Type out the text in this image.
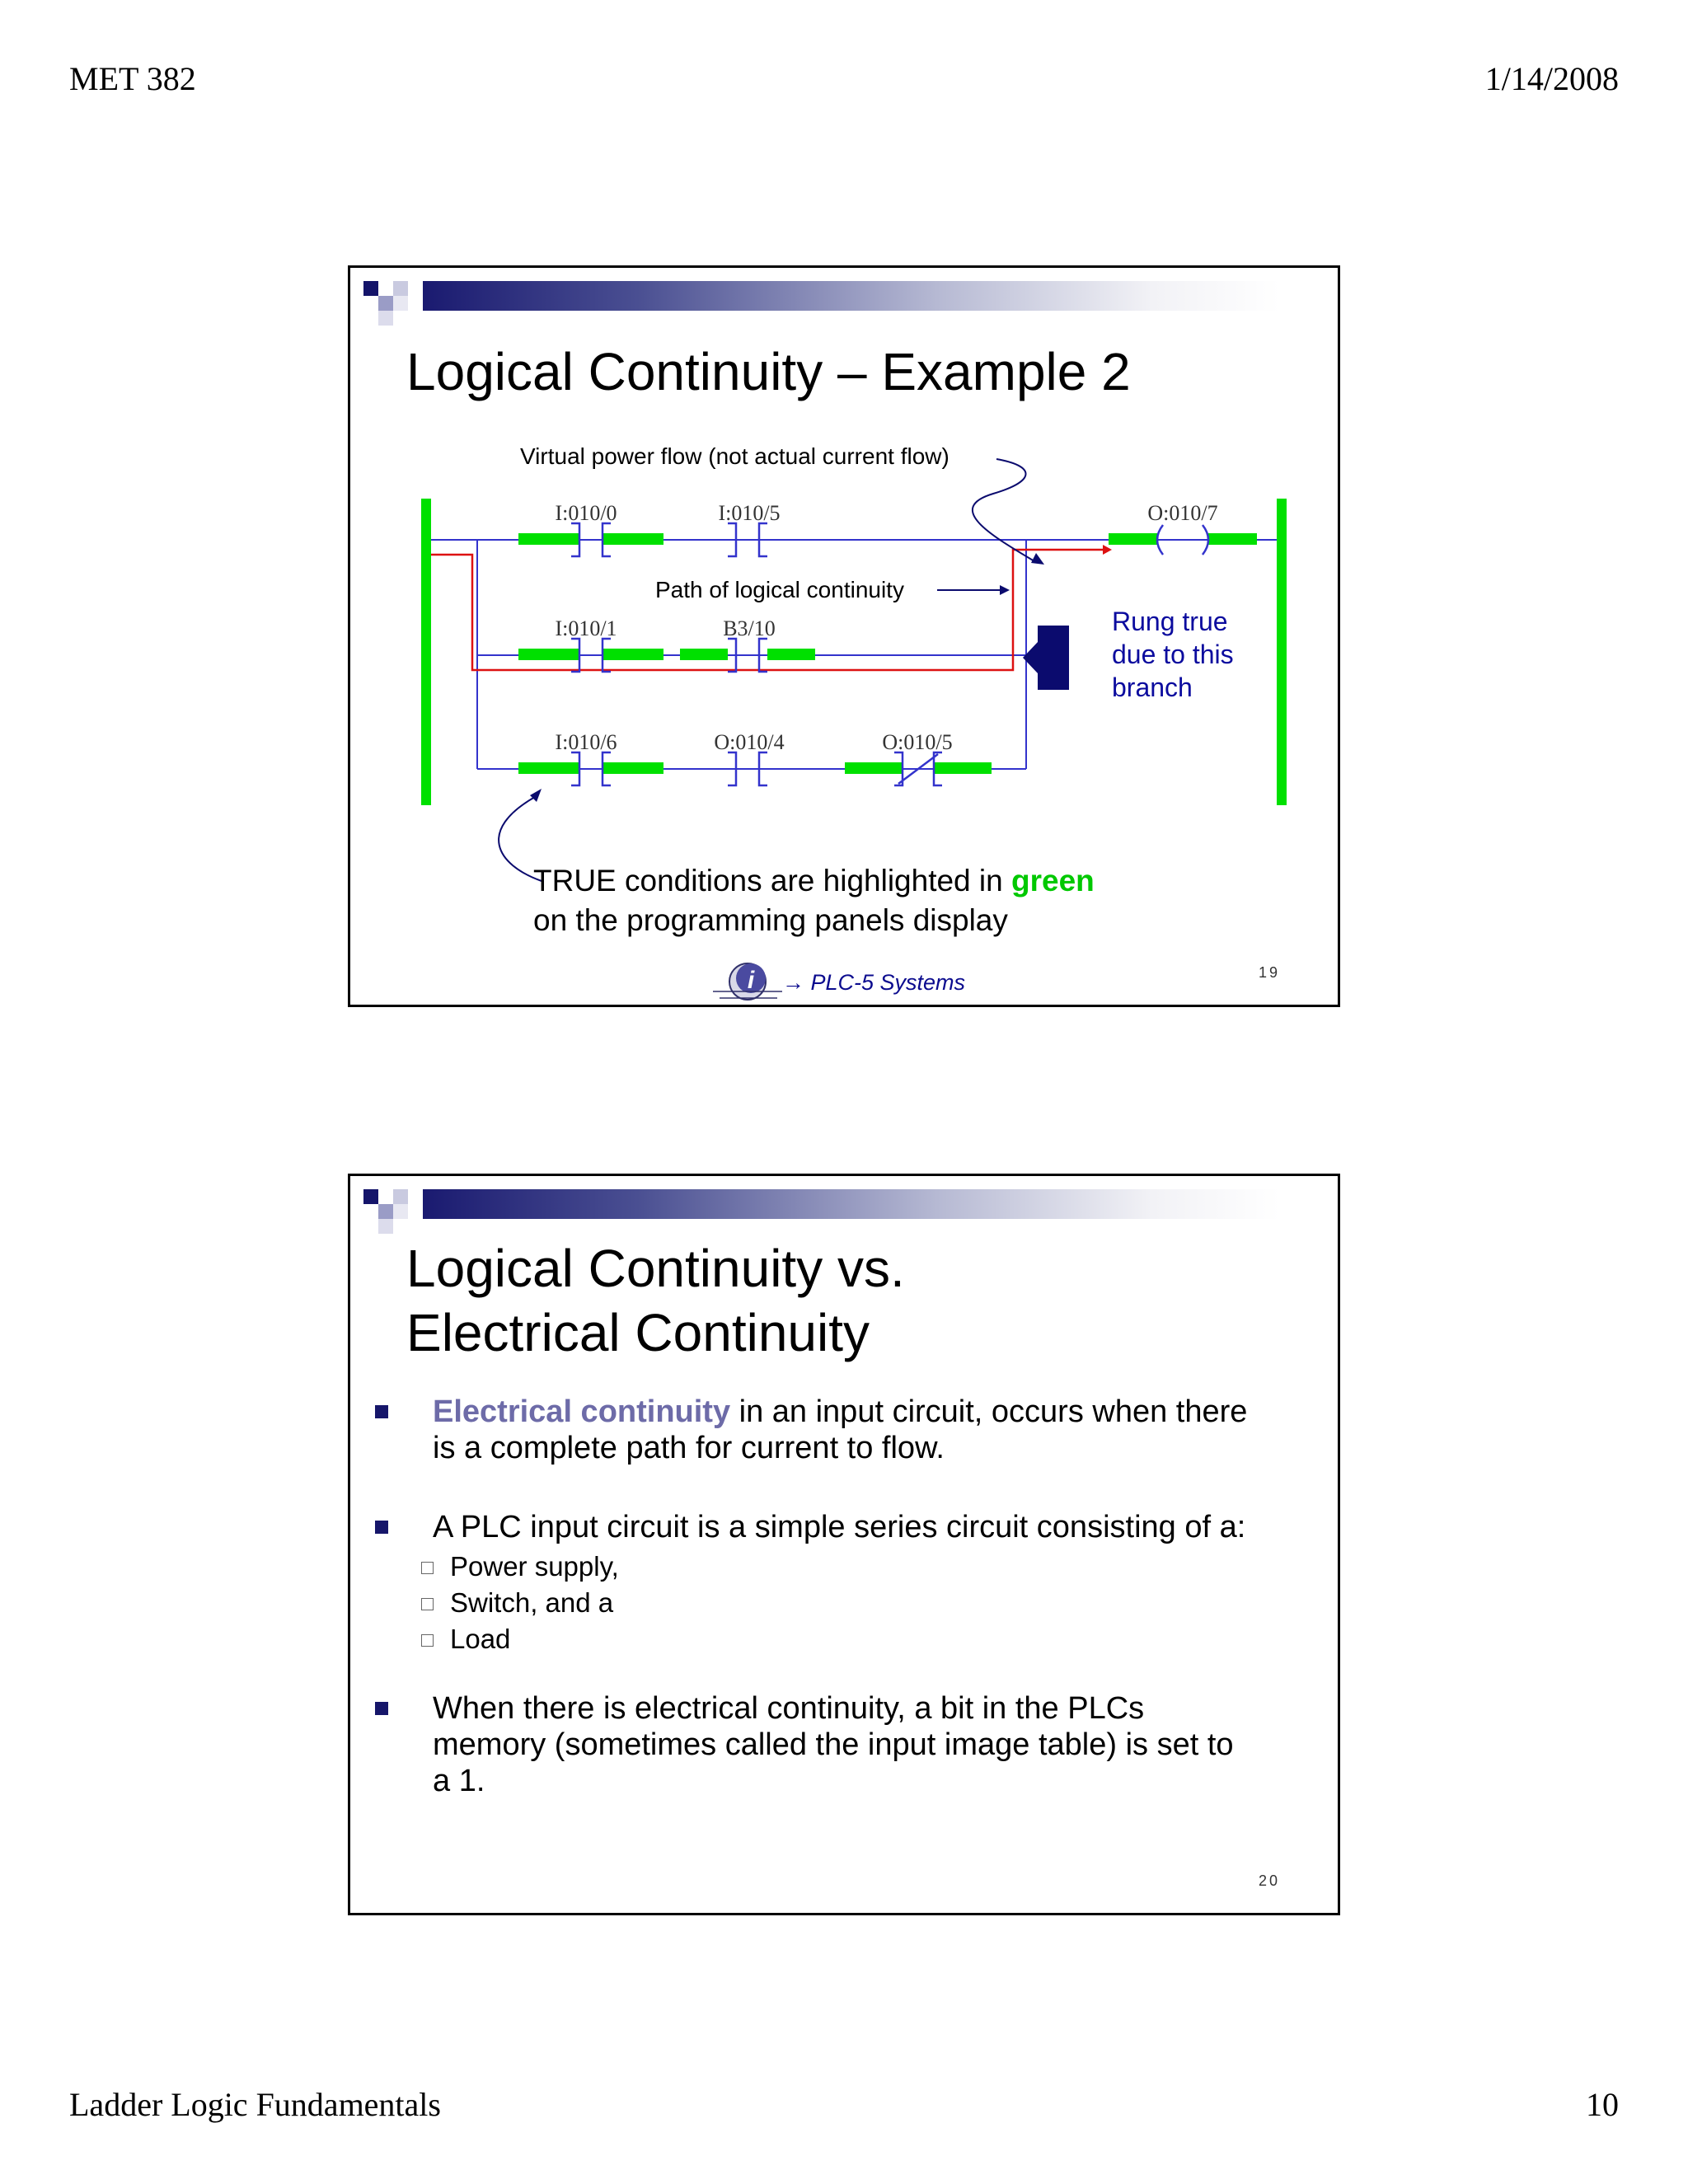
MET 382	1/14/2008
Logical Continuity – Example 2
I:010/0	I:010/5	O:010/7
I:010/1	B3/10
I:010/6	O:010/4	O:010/5
Virtual power flow (not actual current flow)
Path of logical continuity
Rung true
due to this
branch
TRUE conditions are highlighted in green
on the programming panels display
i → PLC-5 Systems	19
Logical Continuity vs.
Electrical Continuity
Electrical continuity in an input circuit, occurs when there
is a complete path for current to flow.
A PLC input circuit is a simple series circuit consisting of a:
Power supply,
Switch, and a
Load
When there is electrical continuity, a bit in the PLCs
memory (sometimes called the input image table) is set to
a 1.
20
Ladder Logic Fundamentals	10
